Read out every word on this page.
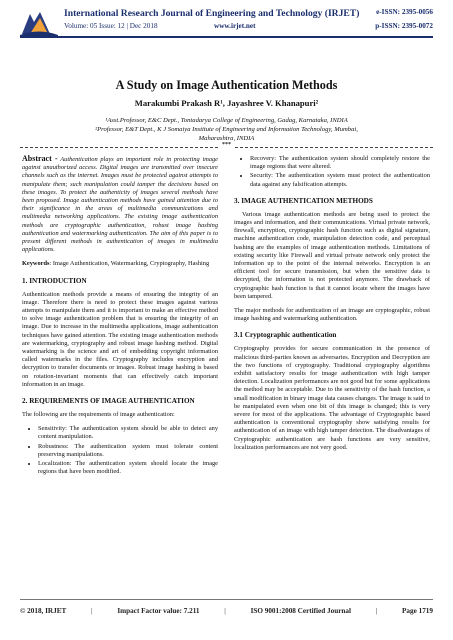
International Research Journal of Engineering and Technology (IRJET)
Volume: 05 Issue: 12 | Dec 2018	www.irjet.net
e-ISSN: 2395-0056
p-ISSN: 2395-0072
A Study on Image Authentication Methods
Marakumbi Prakash R¹, Jayashree V. Khanapuri²
¹Asst.Professor, E&C Dept., Tontadarya College of Engineering, Gadag, Karnataka, INDIA
²Professor, E&T Dept., K J Somaiya Institute of Engineering and Information Technology, Mumbai,
Maharashtra, INDIA
***

Abstract - Authentication plays an important role in protecting image against unauthorized access. Digital images are transmitted over insecure channels such as the internet. Images must be protected against attempts to manipulate them; such manipulation could tamper the decisions based on these images. To protect the authenticity of images several methods have been proposed. Image authentication methods have gained attention due to their significance in the areas of multimedia communications and multimedia networking applications. The existing image authentication methods are cryptographic authentication, robust image hashing authentication and watermarking authentication. The aim of this paper is to present different methods in authentication of images in multimedia applications.

Keywords: Image Authentication, Watermarking, Cryptography, Hashing

1. INTRODUCTION

Authentication methods provide a means of ensuring the integrity of an image. Therefore there is need to protect these images against various attempts to manipulate them and it is important to make an effective method to solve image authentication problem that is ensuring the integrity of an image. Due to increase in the multimedia applications, image authentication techniques have gained attention. The existing image authentication methods are watermarking, cryptography and robust image hashing method. Digital watermarking is the science and art of embedding copyright information called watermarks in the files. Cryptography includes encryption and decryption to transfer documents or images. Robust image hashing is based on rotation-invariant moments that can effectively catch important information in an image.

2. REQUIREMENTS OF IMAGE AUTHENTICATION

The following are the requirements of image authentication:

• Sensitivity: The authentication system should be able to detect any content manipulation.
• Robustness: The authentication system must tolerate content preserving manipulations.
• Localization: The authentication system should locate the image regions that have been modified.
• Recovery: The authentication system should completely restore the image regions that were altered.
• Security: The authentication system must protect the authentication data against any falsification attempts.
3. IMAGE AUTHENTICATION METHODS

Various image authentication methods are being used to protect the images and information, and their communications. Virtual private network, firewall, encryption, cryptographic hash function such as digital signature, machine authentication code, manipulation detection code, and perceptual hashing are the examples of image authentication methods. Limitations of existing security like Firewall and virtual private network only protect the information up to the point of the internal networks. Encryption is an efficient tool for secure transmission, but when the sensitive data is decrypted, the information is not protected anymore. The drawback of cryptographic hash function is that it cannot locate where the images have been tampered.

The major methods for authentication of an image are cryptographic, robust image hashing and watermarking authentication.

3.1 Cryptographic authentication

Cryptography provides for secure communication in the presence of malicious third-parties known as adversaries. Encryption and Decryption are the two functions of cryptography. Traditional cryptography algorithms exhibit satisfactory results for image authentication with high tamper detection. Localization performances are not good but for some applications the method may be acceptable. Due to the sensitivity of the hash function, a small modification in binary image data causes changes. The image is said to be manipulated even when one bit of this image is changed; this is very severe for most of the applications. The advantage of Cryptographic based authentication is conventional cryptography show satisfying results for authentication of an image with high tamper detection. The disadvantages of Cryptographic authentication are hash functions are very sensitive, localization performances are not very good.

© 2018, IRJET	|	Impact Factor value: 7.211	|	ISO 9001:2008 Certified Journal	|	Page 1719
